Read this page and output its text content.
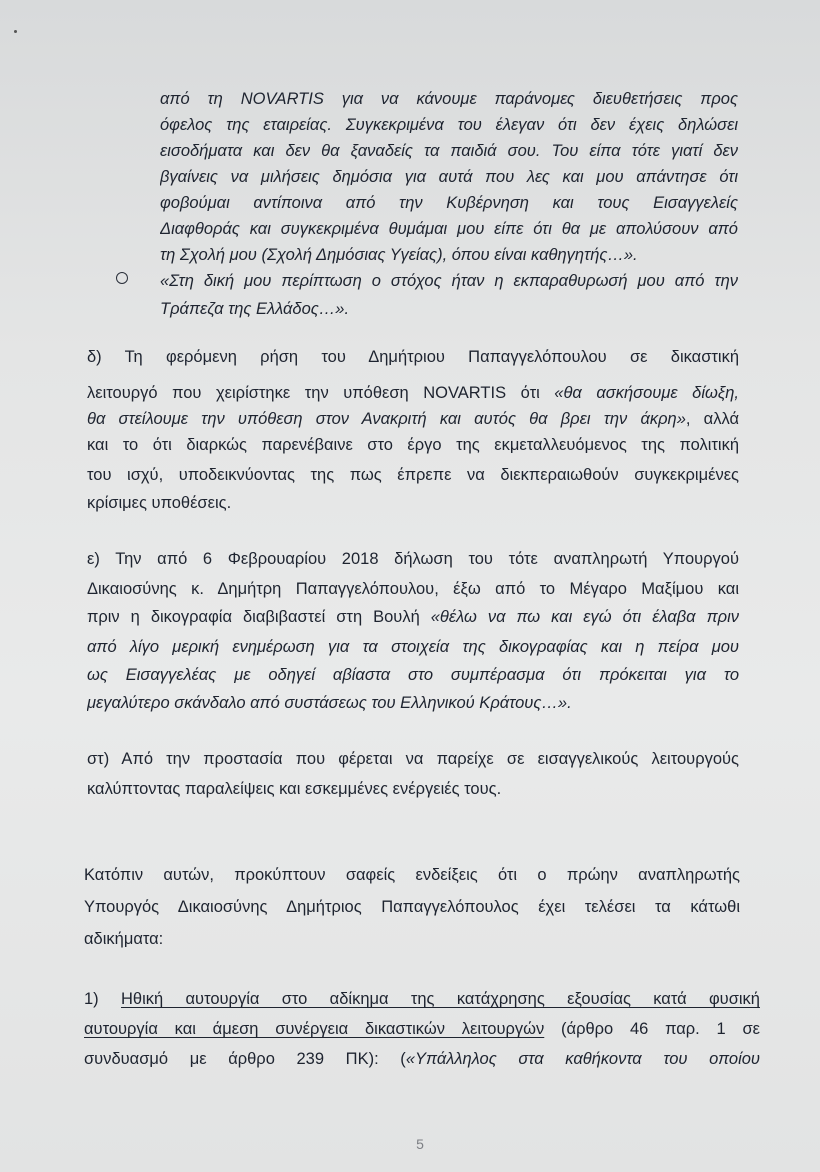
από τη NOVARTIS για να κάνουμε παράνομες διευθετήσεις προς
όφελος της εταιρείας. Συγκεκριμένα του έλεγαν ότι δεν έχεις δηλώσει
εισοδήματα και δεν θα ξαναδείς τα παιδιά σου. Του είπα τότε γιατί δεν
βγαίνεις να μιλήσεις δημόσια για αυτά που λες και μου απάντησε ότι
φοβούμαι αντίποινα από την Κυβέρνηση και τους Εισαγγελείς
Διαφθοράς και συγκεκριμένα θυμάμαι μου είπε ότι θα με απολύσουν από
τη Σχολή μου (Σχολή Δημόσιας Υγείας), όπου είναι καθηγητής…».
«Στη δική μου περίπτωση ο στόχος ήταν η εκπαραθυρωσή μου από την
Τράπεζα της Ελλάδος…».
δ) Τη φερόμενη ρήση του Δημήτριου Παπαγγελόπουλου σε δικαστική
λειτουργό που χειρίστηκε την υπόθεση NOVARTIS ότι «θα ασκήσουμε δίωξη,
θα στείλουμε την υπόθεση στον Ανακριτή και αυτός θα βρει την άκρη», αλλά
και το ότι διαρκώς παρενέβαινε στο έργο της εκμεταλλευόμενος της πολιτική
του ισχύ, υποδεικνύοντας της πως έπρεπε να διεκπεραιωθούν συγκεκριμένες
κρίσιμες υποθέσεις.
ε) Την από 6 Φεβρουαρίου 2018 δήλωση του τότε αναπληρωτή Υπουργού
Δικαιοσύνης κ. Δημήτρη Παπαγγελόπουλου, έξω από το Μέγαρο Μαξίμου και
πριν η δικογραφία διαβιβαστεί στη Βουλή «θέλω να πω και εγώ ότι έλαβα πριν
από λίγο μερική ενημέρωση για τα στοιχεία της δικογραφίας και η πείρα μου
ως Εισαγγελέας με οδηγεί αβίαστα στο συμπέρασμα ότι πρόκειται για το
μεγαλύτερο σκάνδαλο από συστάσεως του Ελληνικού Κράτους…».
στ) Από την προστασία που φέρεται να παρείχε σε εισαγγελικούς λειτουργούς
καλύπτοντας παραλείψεις και εσκεμμένες ενέργειές τους.
Κατόπιν αυτών, προκύπτουν σαφείς ενδείξεις ότι ο πρώην αναπληρωτής
Υπουργός Δικαιοσύνης Δημήτριος Παπαγγελόπουλος έχει τελέσει τα κάτωθι
αδικήματα:
1) Ηθική αυτουργία στο αδίκημα της κατάχρησης εξουσίας κατά φυσική
αυτουργία και άμεση συνέργεια δικαστικών λειτουργών (άρθρο 46 παρ. 1 σε
συνδυασμό με άρθρο 239 ΠΚ): («Υπάλληλος στα καθήκοντα του οποίου
5
